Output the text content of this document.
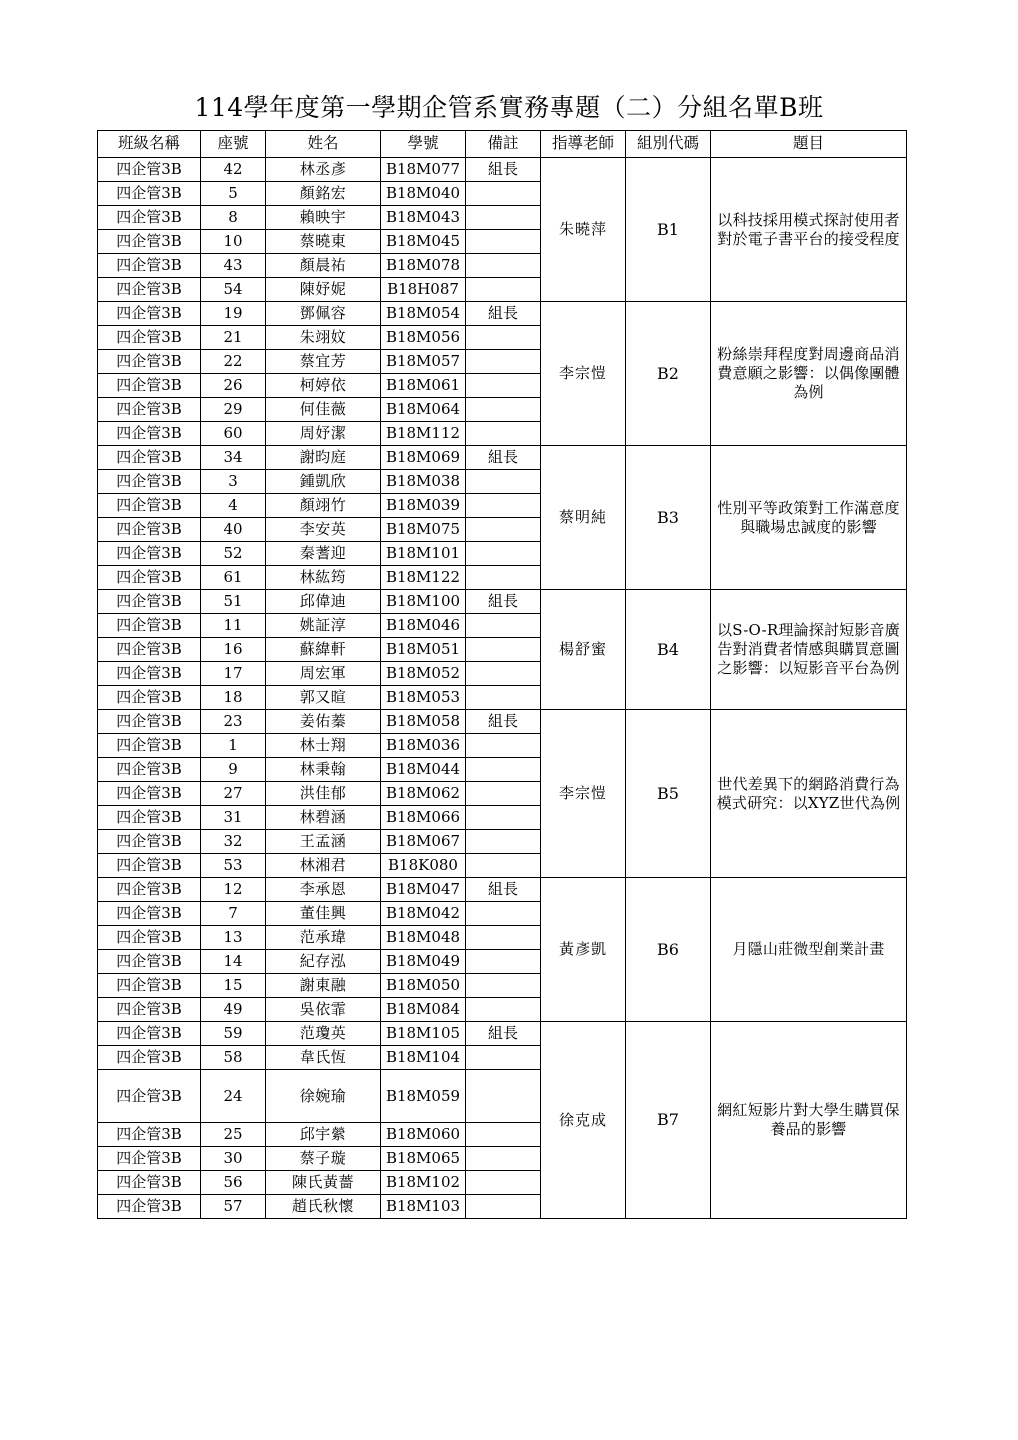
114學年度第一學期企管系實務專題（二）分組名單B班
班級名稱	座號	姓名	學號	備註	指導老師	組別代碼	題目
四企管3B	42	林丞彥	B18M077	組長	朱曉萍	B1	以科技採用模式探討使用者對於電子書平台的接受程度
四企管3B	5	顏銘宏	B18M040				
四企管3B	8	賴映宇	B18M043				
四企管3B	10	蔡曉東	B18M045				
四企管3B	43	顏晨祐	B18M078				
四企管3B	54	陳妤妮	B18H087				
四企管3B	19	鄧佩容	B18M054	組長	李宗愷	B2	粉絲崇拜程度對周邊商品消費意願之影響：以偶像團體為例
四企管3B	21	朱翊妏	B18M056				
四企管3B	22	蔡宜芳	B18M057				
四企管3B	26	柯婷依	B18M061				
四企管3B	29	何佳薇	B18M064				
四企管3B	60	周妤潔	B18M112				
四企管3B	34	謝昀庭	B18M069	組長	蔡明純	B3	性別平等政策對工作滿意度與職場忠誠度的影響
四企管3B	3	鍾凱欣	B18M038				
四企管3B	4	顏翊竹	B18M039				
四企管3B	40	李安英	B18M075				
四企管3B	52	秦蓍迎	B18M101				
四企管3B	61	林紘筠	B18M122				
四企管3B	51	邱偉迪	B18M100	組長	楊舒蜜	B4	以S-O-R理論探討短影音廣告對消費者情感與購買意圖之影響：以短影音平台為例
四企管3B	11	姚証淳	B18M046				
四企管3B	16	蘇緯軒	B18M051				
四企管3B	17	周宏軍	B18M052				
四企管3B	18	郭又暄	B18M053				
四企管3B	23	姜佑蓁	B18M058	組長	李宗愷	B5	世代差異下的網路消費行為模式研究：以XYZ世代為例
四企管3B	1	林士翔	B18M036				
四企管3B	9	林秉翰	B18M044				
四企管3B	27	洪佳郁	B18M062				
四企管3B	31	林碧涵	B18M066				
四企管3B	32	王孟涵	B18M067				
四企管3B	53	林湘君	B18K080				
四企管3B	12	李承恩	B18M047	組長	黃彥凱	B6	月隱山莊微型創業計畫
四企管3B	7	董佳興	B18M042				
四企管3B	13	范承瑋	B18M048				
四企管3B	14	紀存泓	B18M049				
四企管3B	15	謝東融	B18M050				
四企管3B	49	吳依霏	B18M084				
四企管3B	59	范瓊英	B18M105	組長	徐克成	B7	網紅短影片對大學生購買保養品的影響
四企管3B	58	韋氏恆	B18M104				
四企管3B	24	徐婉瑜	B18M059				
四企管3B	25	邱宇縈	B18M060				
四企管3B	30	蔡子璇	B18M065				
四企管3B	56	陳氏黃薔	B18M102				
四企管3B	57	趙氏秋懷	B18M103				
